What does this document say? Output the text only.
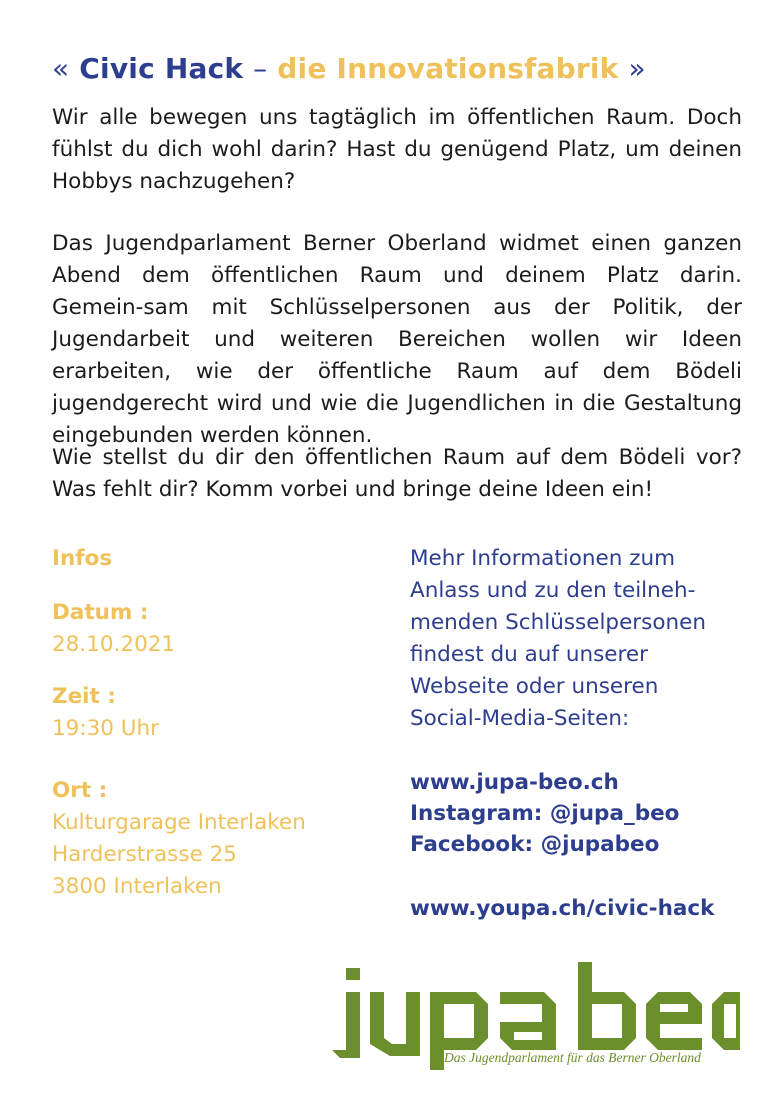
« Civic Hack – die Innovationsfabrik »

Wir alle bewegen uns tagtäglich im öffentlichen Raum. Doch fühlst du dich wohl darin? Hast du genügend Platz, um deinen Hobbys nachzugehen?

Das Jugendparlament Berner Oberland widmet einen ganzen Abend dem öffentlichen Raum und deinem Platz darin. Gemein-sam mit Schlüsselpersonen aus der Politik, der Jugendarbeit und weiteren Bereichen wollen wir Ideen erarbeiten, wie der öffentliche Raum auf dem Bödeli jugendgerecht wird und wie die Jugendlichen in die Gestaltung eingebunden werden können.

Wie stellst du dir den öffentlichen Raum auf dem Bödeli vor? Was fehlt dir? Komm vorbei und bringe deine Ideen ein!

Infos
Datum :
28.10.2021
Zeit :
19:30 Uhr
Ort :
Kulturgarage Interlaken
Harderstrasse 25
3800 Interlaken
Mehr Informationen zum
Anlass und zu den teilneh-
menden Schlüsselpersonen
findest du auf unserer
Webseite oder unseren
Social-Media-Seiten:
www.jupa-beo.ch
Instagram: @jupa_beo
Facebook: @jupabeo
www.youpa.ch/civic-hack
Das Jugendparlament für das Berner Oberland
